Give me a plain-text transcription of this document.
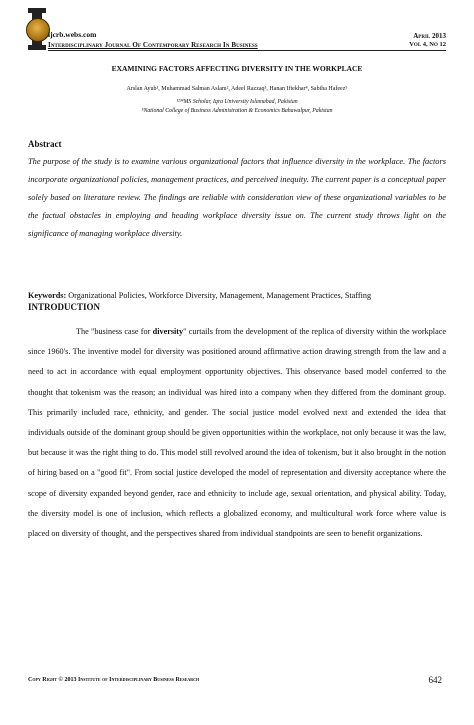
ijcrb.webs.com
Interdisciplinary Journal Of Contemporary Research In Business
April 2013
Vol 4, No 12
EXAMINING FACTORS AFFECTING DIVERSITY IN THE WORKPLACE
Arslan Ayub¹, Muhammad Salman Aslam², Adeel Razzaq³, Hanan Iftekhar⁴, Sabiha Hafeez⁵
¹²³⁴MS Scholar, Iqra University Islamabad, Pakistan
⁵National College of Business Administration & Economics Bahawalpur, Pakistan
Abstract

The purpose of the study is to examine various organizational factors that influence diversity in the workplace. The factors incorporate organizational policies, management practices, and perceived inequity. The current paper is a conceptual paper solely based on literature review. The findings are reliable with consideration view of these organizational variables to be the factual obstacles in employing and heading workplace diversity issue on. The current study throws light on the significance of managing workplace diversity.

Keywords: Organizational Policies, Workforce Diversity, Management, Management Practices, Staffing

INTRODUCTION

The "business case for diversity" curtails from the development of the replica of diversity within the workplace since 1960's. The inventive model for diversity was positioned around affirmative action drawing strength from the law and a need to act in accordance with equal employment opportunity objectives. This observance based model conferred to the thought that tokenism was the reason; an individual was hired into a company when they differed from the dominant group. This primarily included race, ethnicity, and gender. The social justice model evolved next and extended the idea that individuals outside of the dominant group should be given opportunities within the workplace, not only because it was the law, but because it was the right thing to do. This model still revolved around the idea of tokenism, but it also brought in the notion of hiring based on a "good fit". From social justice developed the model of representation and diversity acceptance where the scope of diversity expanded beyond gender, race and ethnicity to include age, sexual orientation, and physical ability. Today, the diversity model is one of inclusion, which reflects a globalized economy, and multicultural work force where value is placed on diversity of thought, and the perspectives shared from individual standpoints are seen to benefit organizations.

Copy Right © 2013 Institute of Interdisciplinary Business Research	642
